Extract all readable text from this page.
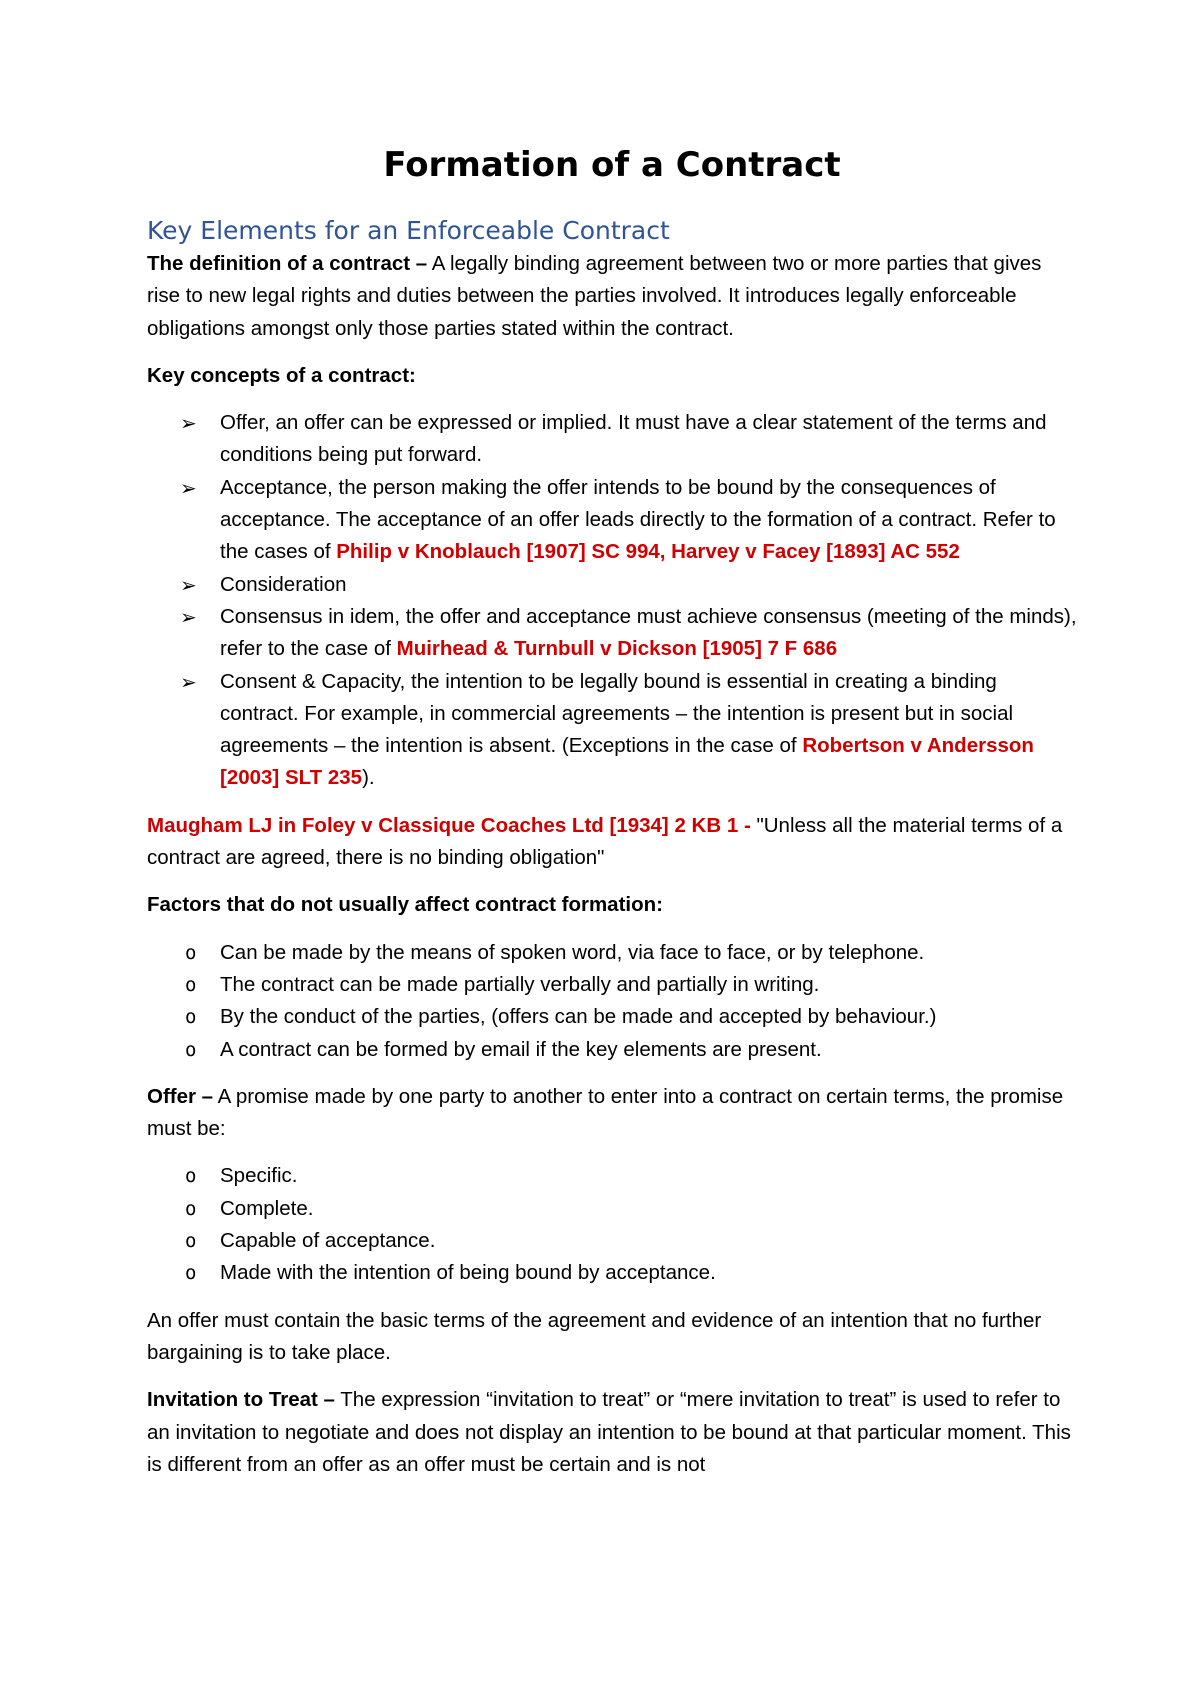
Formation of a Contract
Key Elements for an Enforceable Contract

The definition of a contract – A legally binding agreement between two or more parties that gives rise to new legal rights and duties between the parties involved. It introduces legally enforceable obligations amongst only those parties stated within the contract.

Key concepts of a contract:

➢ Offer, an offer can be expressed or implied. It must have a clear statement of the terms and conditions being put forward.
➢ Acceptance, the person making the offer intends to be bound by the consequences of acceptance. The acceptance of an offer leads directly to the formation of a contract. Refer to the cases of Philip v Knoblauch [1907] SC 994, Harvey v Facey [1893] AC 552
➢ Consideration
➢ Consensus in idem, the offer and acceptance must achieve consensus (meeting of the minds), refer to the case of Muirhead & Turnbull v Dickson [1905] 7 F 686
➢ Consent & Capacity, the intention to be legally bound is essential in creating a binding contract. For example, in commercial agreements – the intention is present but in social agreements – the intention is absent. (Exceptions in the case of Robertson v Andersson [2003] SLT 235).

Maugham LJ in Foley v Classique Coaches Ltd [1934] 2 KB 1 - "Unless all the material terms of a contract are agreed, there is no binding obligation"

Factors that do not usually affect contract formation:

o Can be made by the means of spoken word, via face to face, or by telephone.
o The contract can be made partially verbally and partially in writing.
o By the conduct of the parties, (offers can be made and accepted by behaviour.)
o A contract can be formed by email if the key elements are present.

Offer – A promise made by one party to another to enter into a contract on certain terms, the promise must be:

o Specific.
o Complete.
o Capable of acceptance.
o Made with the intention of being bound by acceptance.

An offer must contain the basic terms of the agreement and evidence of an intention that no further bargaining is to take place.

Invitation to Treat – The expression “invitation to treat” or “mere invitation to treat” is used to refer to an invitation to negotiate and does not display an intention to be bound at that particular moment. This is different from an offer as an offer must be certain and is not
